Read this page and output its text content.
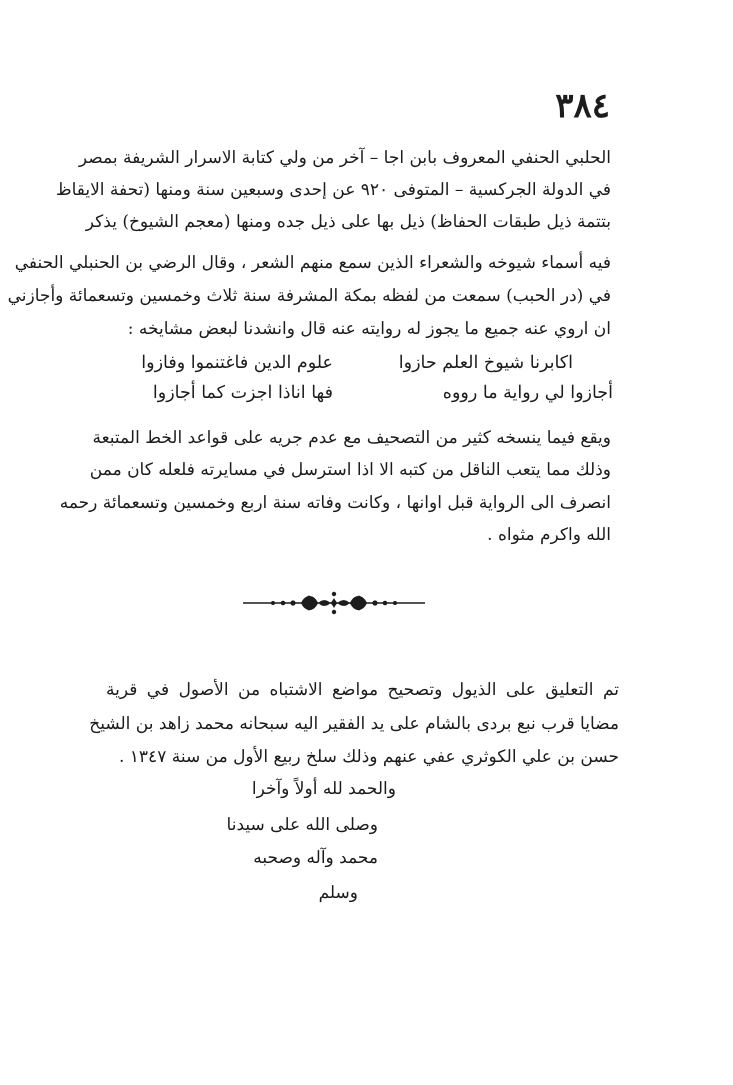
٣٨٤
الحلبي الحنفي المعروف بابن اجا – آخر من ولي كتابة الاسرار الشريفة بمصر
في الدولة الجركسية – المتوفى ٩٢٠ عن إحدى وسبعين سنة ومنها (تحفة الايقاظ
بتتمة ذيل طبقات الحفاظ) ذيل بها على ذيل جده ومنها (معجم الشيوخ) يذكر
فيه أسماء شيوخه والشعراء الذين سمع منهم الشعر ، وقال الرضي بن الحنبلي الحنفي
في (در الحبب) سمعت من لفظه بمكة المشرفة سنة ثلاث وخمسين وتسعمائة وأجازني
ان اروي عنه جميع ما يجوز له روايته عنه قال وانشدنا لبعض مشايخه :
اكابرنا شيوخ العلم حازوا
علوم الدين فاغتنموا وفازوا
أجازوا لي رواية ما رووه
فها اناذا اجزت كما أجازوا
ويقع فيما ينسخه كثير من التصحيف مع عدم جريه على قواعد الخط المتبعة
وذلك مما يتعب الناقل من كتبه الا اذا استرسل في مسايرته فلعله كان ممن
انصرف الى الرواية قبل اوانها ، وكانت وفاته سنة اربع وخمسين وتسعمائة رحمه
الله واكرم مثواه .
تم التعليق على الذيول وتصحيح مواضع الاشتباه من الأصول في قرية
مضايا قرب نبع بردى بالشام على يد الفقير اليه سبحانه محمد زاهد بن الشيخ
حسن بن علي الكوثري عفي عنهم وذلك سلخ ربيع الأول من سنة ١٣٤٧ .
والحمد لله أولاً وآخرا
وصلى الله على سيدنا
محمد وآله وصحبه
وسلم
